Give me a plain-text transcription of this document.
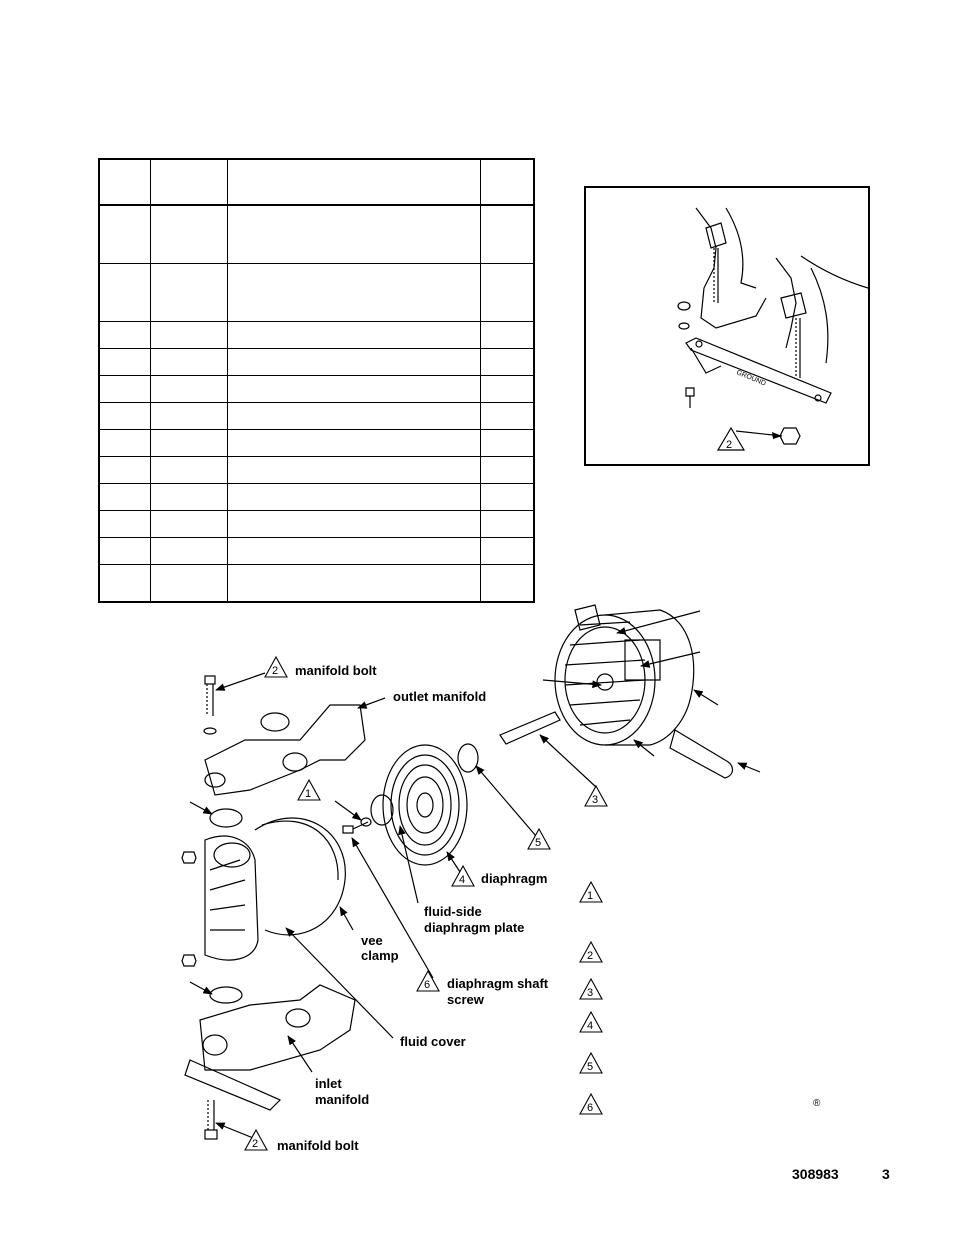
2
GROUND
2
1
5
3
4
6
2
1
2
3
4
5
6	®
manifold bolt
outlet manifold
diaphragm
fluid-side
diaphragm plate
vee
clamp
diaphragm shaft
screw
fluid cover
inlet
manifold
manifold bolt
308983	3
